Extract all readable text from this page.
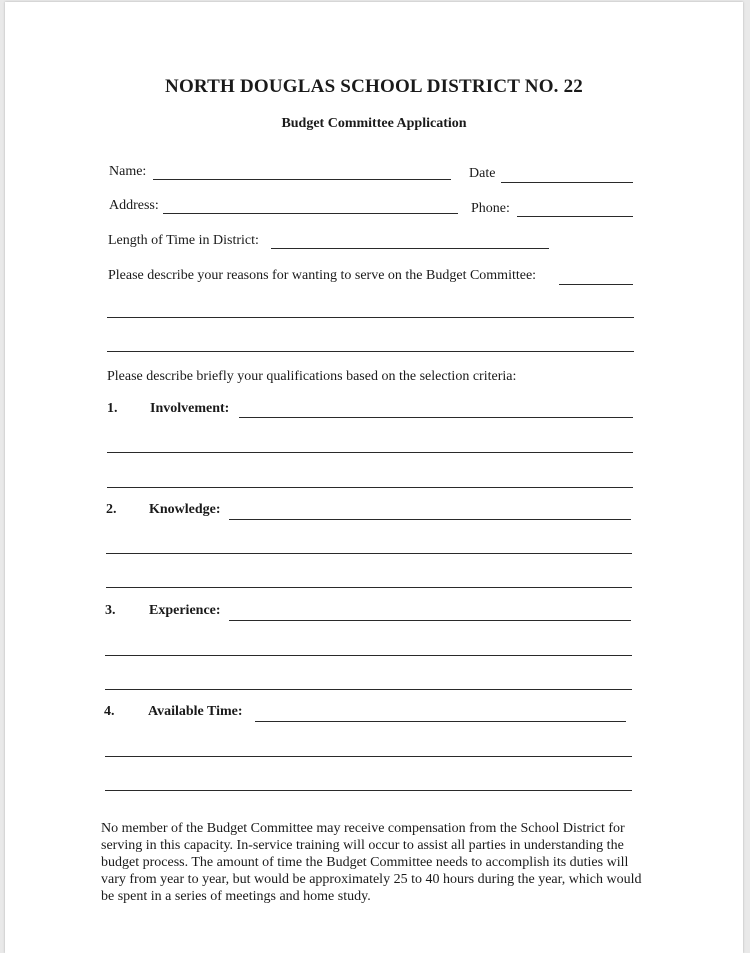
NORTH DOUGLAS SCHOOL DISTRICT NO. 22
Budget Committee Application
Name:	Date
Address:	Phone:
Length of Time in District:
Please describe your reasons for wanting to serve on the Budget Committee:
Please describe briefly your qualifications based on the selection criteria:
1. Involvement:
2. Knowledge:
3. Experience:
4. Available Time:
No member of the Budget Committee may receive compensation from the School District for serving in this capacity. In-service training will occur to assist all parties in understanding the budget process. The amount of time the Budget Committee needs to accomplish its duties will vary from year to year, but would be approximately 25 to 40 hours during the year, which would be spent in a series of meetings and home study.
